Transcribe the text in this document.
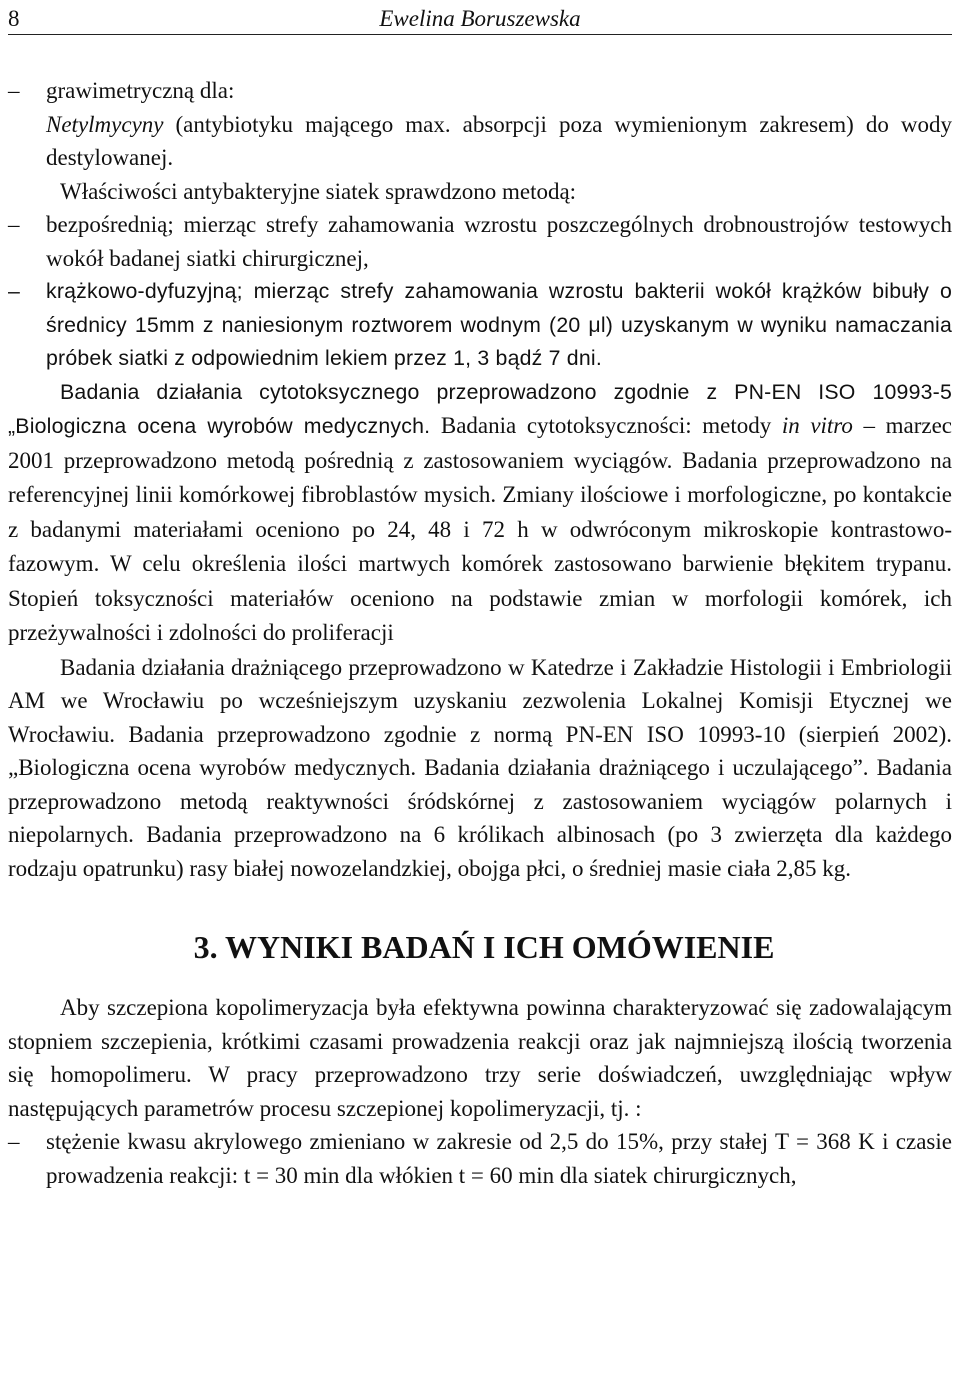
8	Ewelina Boruszewska
– grawimetryczną dla:
Netylmycyny (antybiotyku mającego max. absorpcji poza wymienionym zakresem) do wody destylowanej.

Właściwości antybakteryjne siatek sprawdzono metodą:

– bezpośrednią; mierząc strefy zahamowania wzrostu poszczególnych drobnoustrojów testowych wokół badanej siatki chirurgicznej,
– krążkowo-dyfuzyjną; mierząc strefy zahamowania wzrostu bakterii wokół krążków bibuły o średnicy 15mm z naniesionym roztworem wodnym (20 μl) uzyskanym w wyniku namaczania próbek siatki z odpowiednim lekiem przez 1, 3 bądź 7 dni.

Badania działania cytotoksycznego przeprowadzono zgodnie z PN-EN ISO 10993-5 „Biologiczna ocena wyrobów medycznych. Badania cytotoksyczności: metody in vitro – marzec 2001 przeprowadzono metodą pośrednią z zastosowaniem wyciągów. Badania przeprowadzono na referencyjnej linii komórkowej fibroblastów mysich. Zmiany ilościowe i morfologiczne, po kontakcie z badanymi materiałami oceniono po 24, 48 i 72 h w odwróconym mikroskopie kontrastowo-fazowym. W celu określenia ilości martwych komórek zastosowano barwienie błękitem trypanu. Stopień toksyczności materiałów oceniono na podstawie zmian w morfologii komórek, ich przeżywalności i zdolności do proliferacji

Badania działania drażniącego przeprowadzono w Katedrze i Zakładzie Histologii i Embriologii AM we Wrocławiu po wcześniejszym uzyskaniu zezwolenia Lokalnej Komisji Etycznej we Wrocławiu. Badania przeprowadzono zgodnie z normą PN-EN ISO 10993-10 (sierpień 2002). „Biologiczna ocena wyrobów medycznych. Badania działania drażniącego i uczulającego”. Badania przeprowadzono metodą reaktywności śródskórnej z zastosowaniem wyciągów polarnych i niepolarnych. Badania przeprowadzono na 6 królikach albinosach (po 3 zwierzęta dla każdego rodzaju opatrunku) rasy białej nowozelandzkiej, obojga płci, o średniej masie ciała 2,85 kg.

3. WYNIKI BADAŃ I ICH OMÓWIENIE

Aby szczepiona kopolimeryzacja była efektywna powinna charakteryzować się zadowalającym stopniem szczepienia, krótkimi czasami prowadzenia reakcji oraz jak najmniejszą ilością tworzenia się homopolimeru. W pracy przeprowadzono trzy serie doświadczeń, uwzględniając wpływ następujących parametrów procesu szczepionej kopolimeryzacji, tj. :

– stężenie kwasu akrylowego zmieniano w zakresie od 2,5 do 15%, przy stałej T = 368 K i czasie prowadzenia reakcji: t = 30 min dla włókien t = 60 min dla siatek chirurgicznych,
